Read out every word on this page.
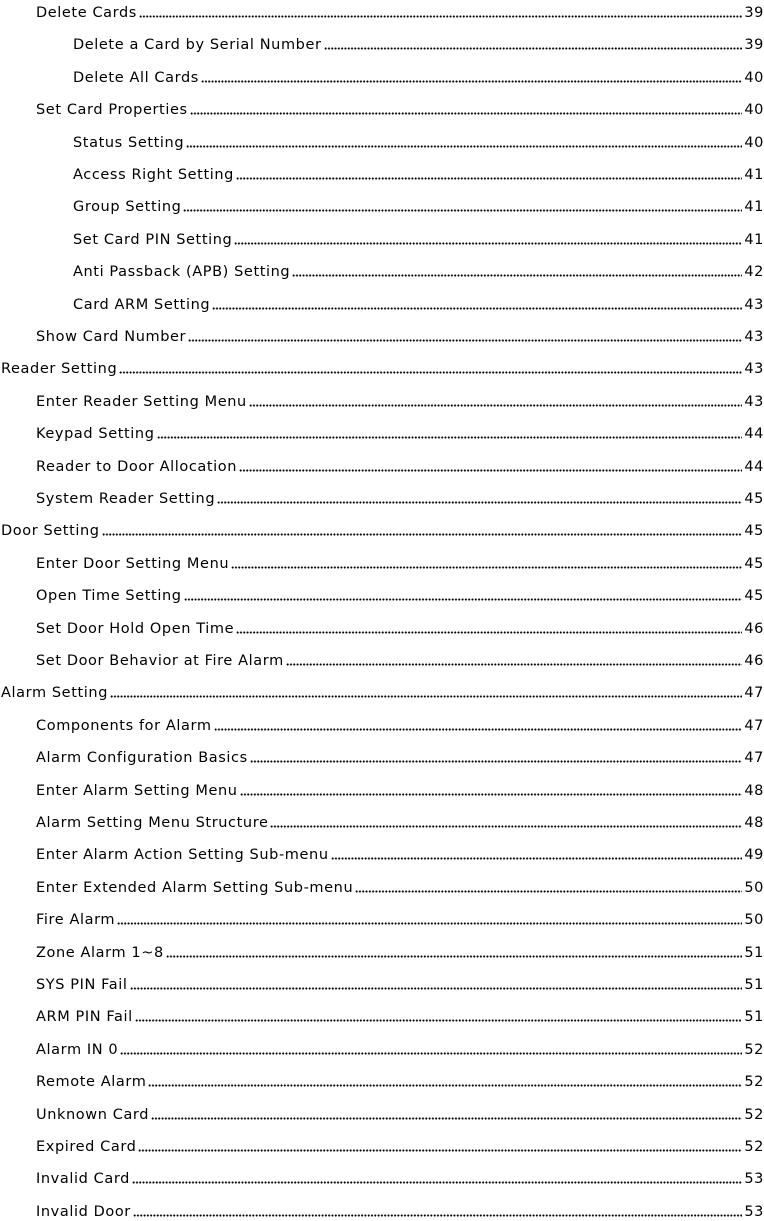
Delete Cards	39
Delete a Card by Serial Number	39
Delete All Cards	40
Set Card Properties	40
Status Setting	40
Access Right Setting	41
Group Setting	41
Set Card PIN Setting	41
Anti Passback (APB) Setting	42
Card ARM Setting	43
Show Card Number	43
Reader Setting	43
Enter Reader Setting Menu	43
Keypad Setting	44
Reader to Door Allocation	44
System Reader Setting	45
Door Setting	45
Enter Door Setting Menu	45
Open Time Setting	45
Set Door Hold Open Time	46
Set Door Behavior at Fire Alarm	46
Alarm Setting	47
Components for Alarm	47
Alarm Configuration Basics	47
Enter Alarm Setting Menu	48
Alarm Setting Menu Structure	48
Enter Alarm Action Setting Sub-menu	49
Enter Extended Alarm Setting Sub-menu	50
Fire Alarm	50
Zone Alarm 1~8	51
SYS PIN Fail	51
ARM PIN Fail	51
Alarm IN 0	52
Remote Alarm	52
Unknown Card	52
Expired Card	52
Invalid Card	53
Invalid Door	53
